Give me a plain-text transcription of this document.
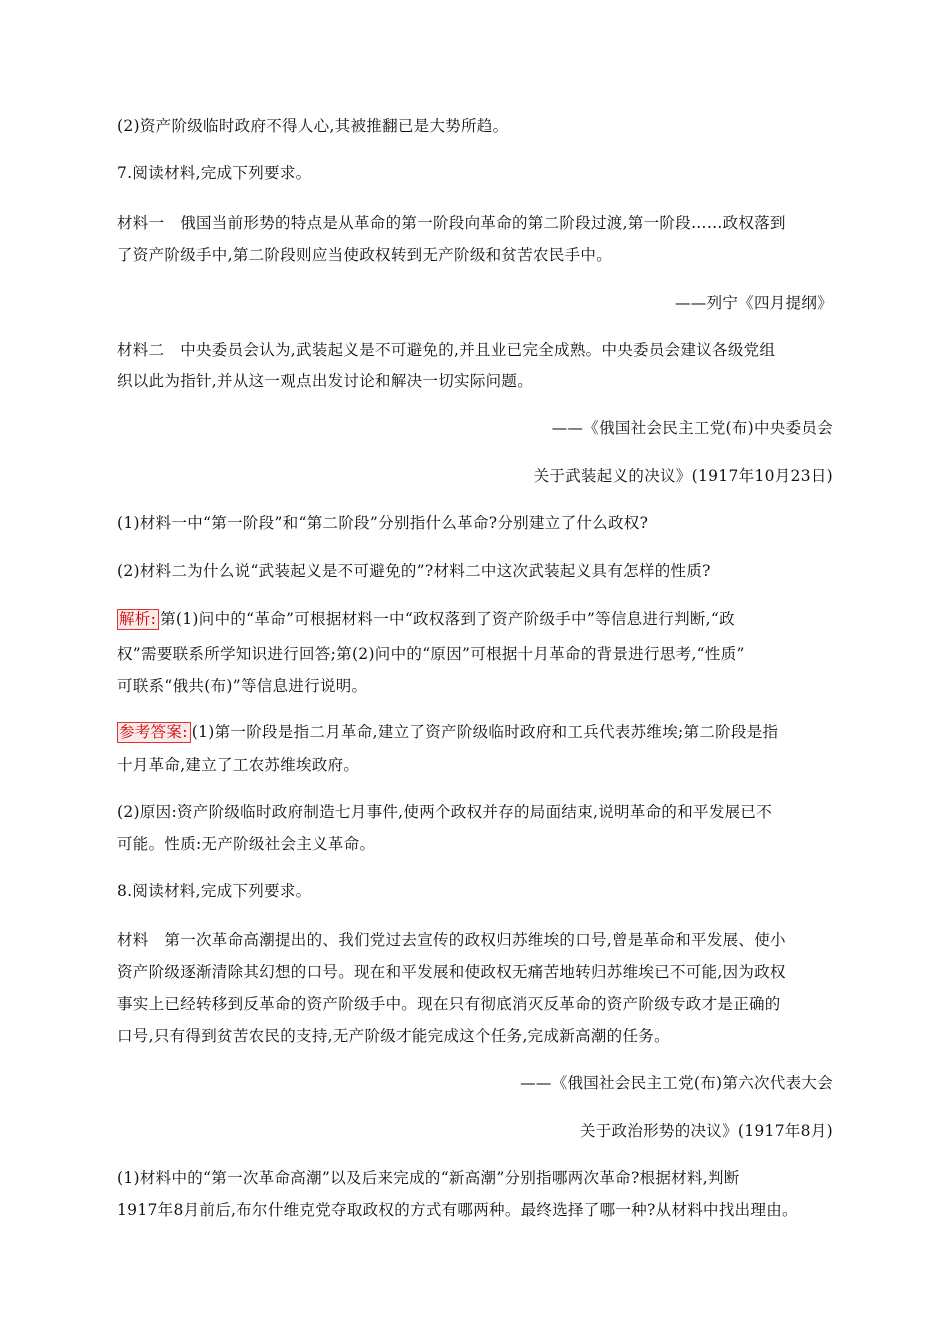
(2)资产阶级临时政府不得人心,其被推翻已是大势所趋。
7.阅读材料,完成下列要求。
材料一　俄国当前形势的特点是从革命的第一阶段向革命的第二阶段过渡,第一阶段……政权落到
了资产阶级手中,第二阶段则应当使政权转到无产阶级和贫苦农民手中。
——列宁《四月提纲》
材料二　中央委员会认为,武装起义是不可避免的,并且业已完全成熟。中央委员会建议各级党组
织以此为指针,并从这一观点出发讨论和解决一切实际问题。
——《俄国社会民主工党(布)中央委员会
关于武装起义的决议》(1917年10月23日)
(1)材料一中“第一阶段”和“第二阶段”分别指什么革命?分别建立了什么政权?
(2)材料二为什么说“武装起义是不可避免的”?材料二中这次武装起义具有怎样的性质?
解析: 第(1)问中的“革命”可根据材料一中“政权落到了资产阶级手中”等信息进行判断,“政
权”需要联系所学知识进行回答;第(2)问中的“原因”可根据十月革命的背景进行思考,“性质”
可联系“俄共(布)”等信息进行说明。
参考答案: (1)第一阶段是指二月革命,建立了资产阶级临时政府和工兵代表苏维埃;第二阶段是指
十月革命,建立了工农苏维埃政府。
(2)原因:资产阶级临时政府制造七月事件,使两个政权并存的局面结束,说明革命的和平发展已不
可能。性质:无产阶级社会主义革命。
8.阅读材料,完成下列要求。
材料　第一次革命高潮提出的、我们党过去宣传的政权归苏维埃的口号,曾是革命和平发展、使小
资产阶级逐渐清除其幻想的口号。现在和平发展和使政权无痛苦地转归苏维埃已不可能,因为政权
事实上已经转移到反革命的资产阶级手中。现在只有彻底消灭反革命的资产阶级专政才是正确的
口号,只有得到贫苦农民的支持,无产阶级才能完成这个任务,完成新高潮的任务。
——《俄国社会民主工党(布)第六次代表大会
关于政治形势的决议》(1917年8月)
(1)材料中的“第一次革命高潮”以及后来完成的“新高潮”分别指哪两次革命?根据材料,判断
1917年8月前后,布尔什维克党夺取政权的方式有哪两种。最终选择了哪一种?从材料中找出理由。
